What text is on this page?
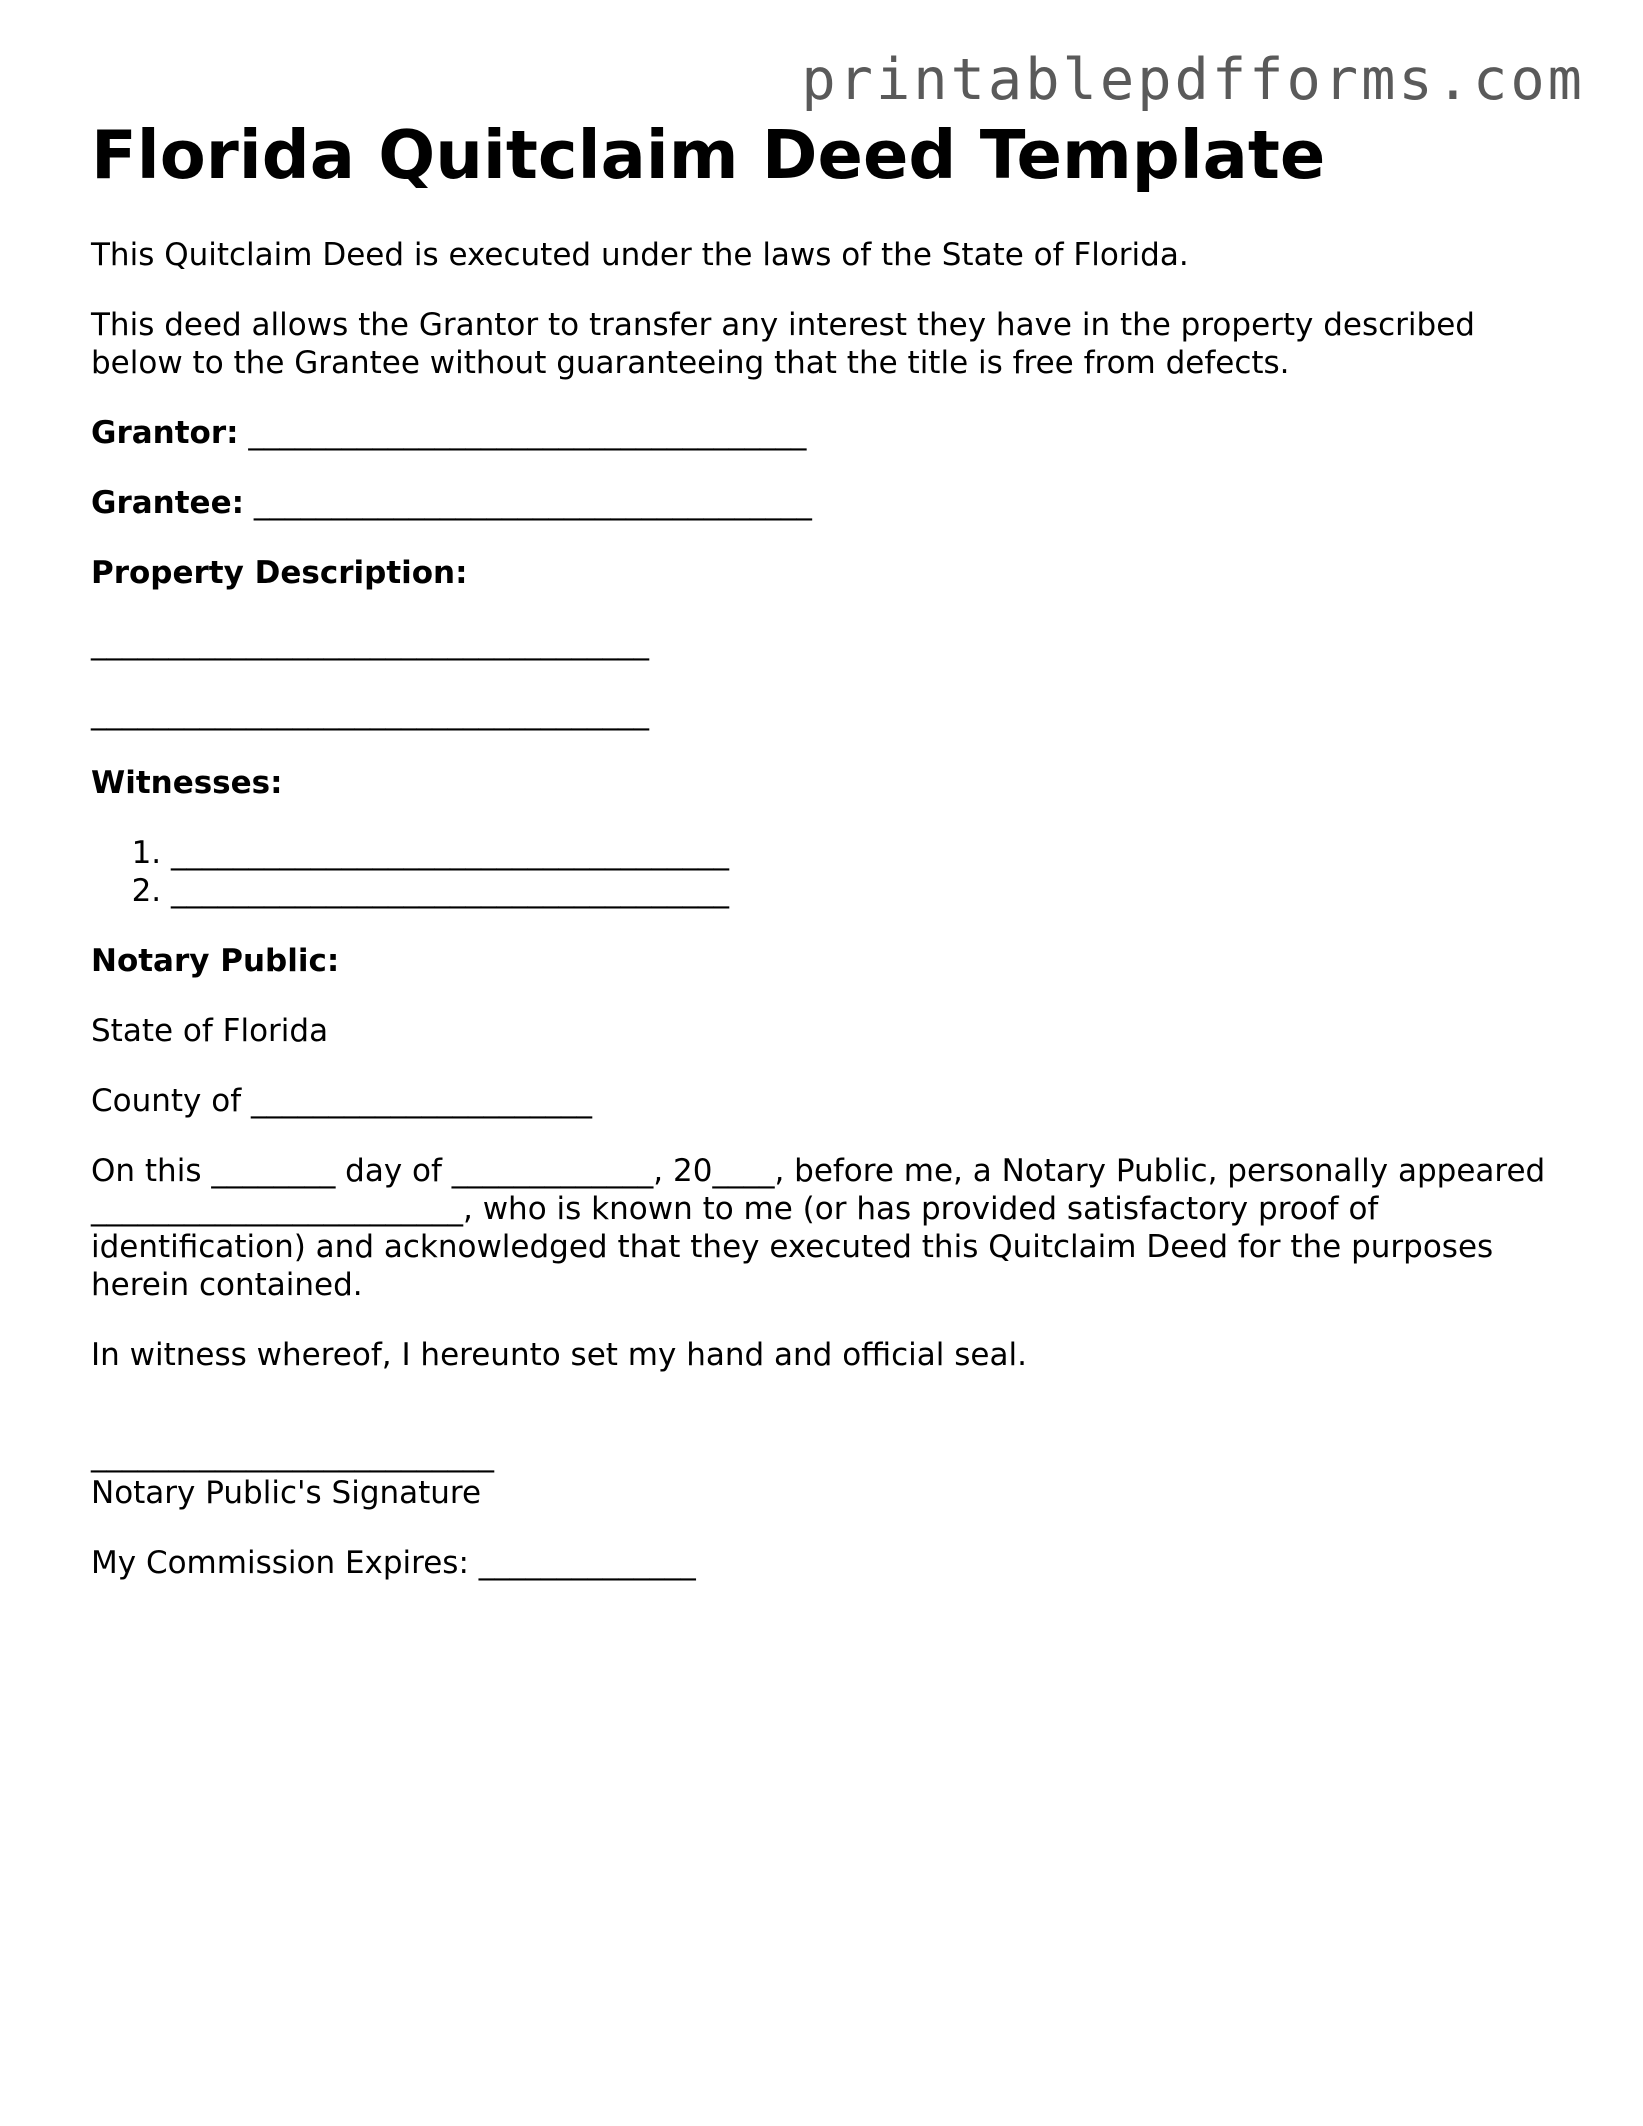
printablepdfforms.com
Florida Quitclaim Deed Template

This Quitclaim Deed is executed under the laws of the State of Florida.

This deed allows the Grantor to transfer any interest they have in the property described below to the Grantee without guaranteeing that the title is free from defects.

Grantor: ____________________________________

Grantee: ____________________________________

Property Description:

____________________________________
____________________________________

Witnesses:

1. ____________________________________
2. ____________________________________

Notary Public:

State of Florida

County of ______________________

On this ________ day of _____________, 20____, before me, a Notary Public, personally appeared ________________________, who is known to me (or has provided satisfactory proof of identification) and acknowledged that they executed this Quitclaim Deed for the purposes herein contained.

In witness whereof, I hereunto set my hand and official seal.

__________________________

Notary Public's Signature

My Commission Expires: ______________
